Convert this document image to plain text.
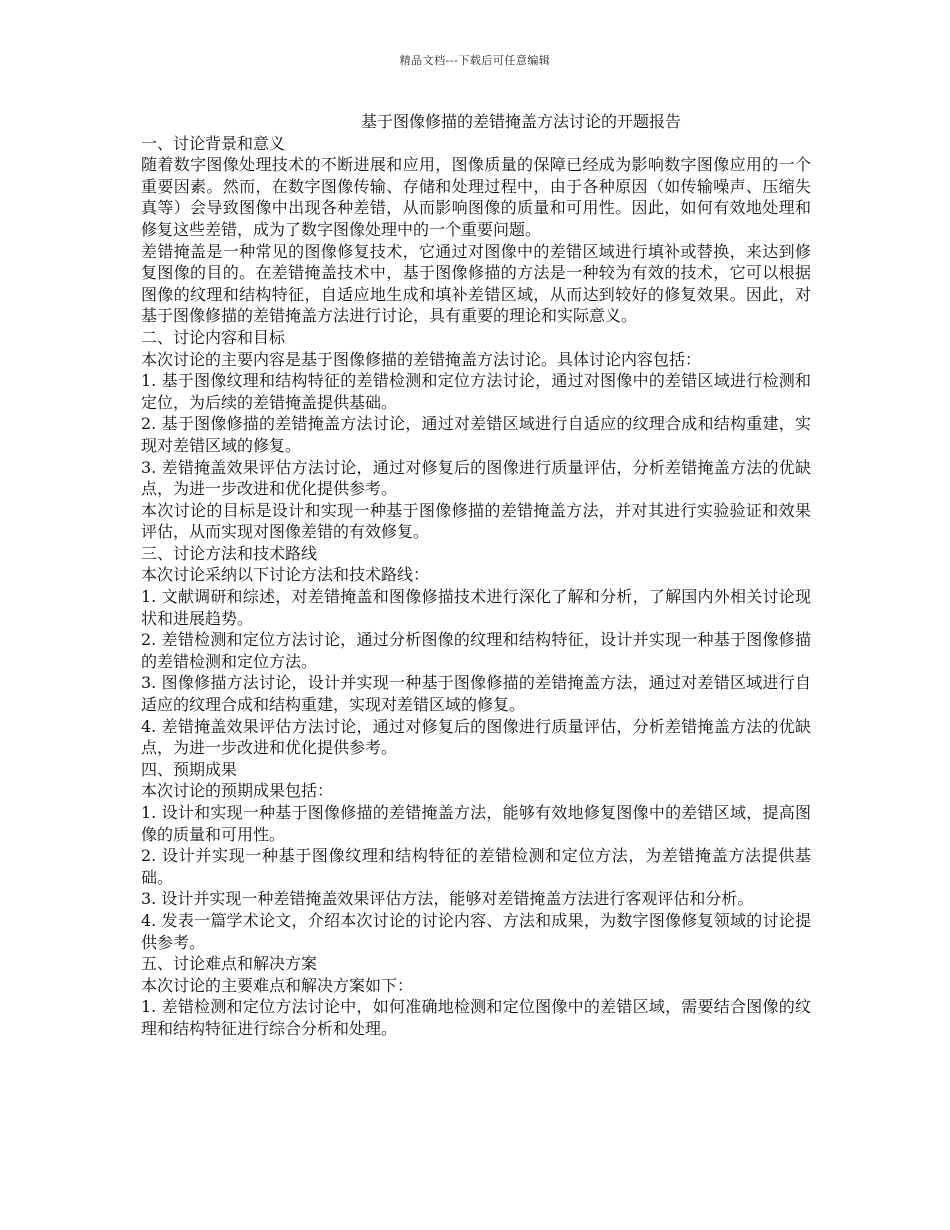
精品文档---下载后可任意编辑
基于图像修描的差错掩盖方法讨论的开题报告

一、讨论背景和意义

随着数字图像处理技术的不断进展和应用，图像质量的保障已经成为影响数字图像应用的一个重要因素。然而，在数字图像传输、存储和处理过程中，由于各种原因（如传输噪声、压缩失真等）会导致图像中出现各种差错，从而影响图像的质量和可用性。因此，如何有效地处理和修复这些差错，成为了数字图像处理中的一个重要问题。

差错掩盖是一种常见的图像修复技术，它通过对图像中的差错区域进行填补或替换，来达到修复图像的目的。在差错掩盖技术中，基于图像修描的方法是一种较为有效的技术，它可以根据图像的纹理和结构特征，自适应地生成和填补差错区域，从而达到较好的修复效果。因此，对基于图像修描的差错掩盖方法进行讨论，具有重要的理论和实际意义。

二、讨论内容和目标

本次讨论的主要内容是基于图像修描的差错掩盖方法讨论。具体讨论内容包括：

1. 基于图像纹理和结构特征的差错检测和定位方法讨论，通过对图像中的差错区域进行检测和定位，为后续的差错掩盖提供基础。

2. 基于图像修描的差错掩盖方法讨论，通过对差错区域进行自适应的纹理合成和结构重建，实现对差错区域的修复。

3. 差错掩盖效果评估方法讨论，通过对修复后的图像进行质量评估，分析差错掩盖方法的优缺点，为进一步改进和优化提供参考。

本次讨论的目标是设计和实现一种基于图像修描的差错掩盖方法，并对其进行实验验证和效果评估，从而实现对图像差错的有效修复。

三、讨论方法和技术路线

本次讨论采纳以下讨论方法和技术路线：

1. 文献调研和综述，对差错掩盖和图像修描技术进行深化了解和分析，了解国内外相关讨论现状和进展趋势。

2. 差错检测和定位方法讨论，通过分析图像的纹理和结构特征，设计并实现一种基于图像修描的差错检测和定位方法。

3. 图像修描方法讨论，设计并实现一种基于图像修描的差错掩盖方法，通过对差错区域进行自适应的纹理合成和结构重建，实现对差错区域的修复。

4. 差错掩盖效果评估方法讨论，通过对修复后的图像进行质量评估，分析差错掩盖方法的优缺点，为进一步改进和优化提供参考。

四、预期成果

本次讨论的预期成果包括：

1. 设计和实现一种基于图像修描的差错掩盖方法，能够有效地修复图像中的差错区域，提高图像的质量和可用性。

2. 设计并实现一种基于图像纹理和结构特征的差错检测和定位方法，为差错掩盖方法提供基础。

3. 设计并实现一种差错掩盖效果评估方法，能够对差错掩盖方法进行客观评估和分析。

4. 发表一篇学术论文，介绍本次讨论的讨论内容、方法和成果，为数字图像修复领域的讨论提供参考。

五、讨论难点和解决方案

本次讨论的主要难点和解决方案如下：

1. 差错检测和定位方法讨论中，如何准确地检测和定位图像中的差错区域，需要结合图像的纹理和结构特征进行综合分析和处理。
